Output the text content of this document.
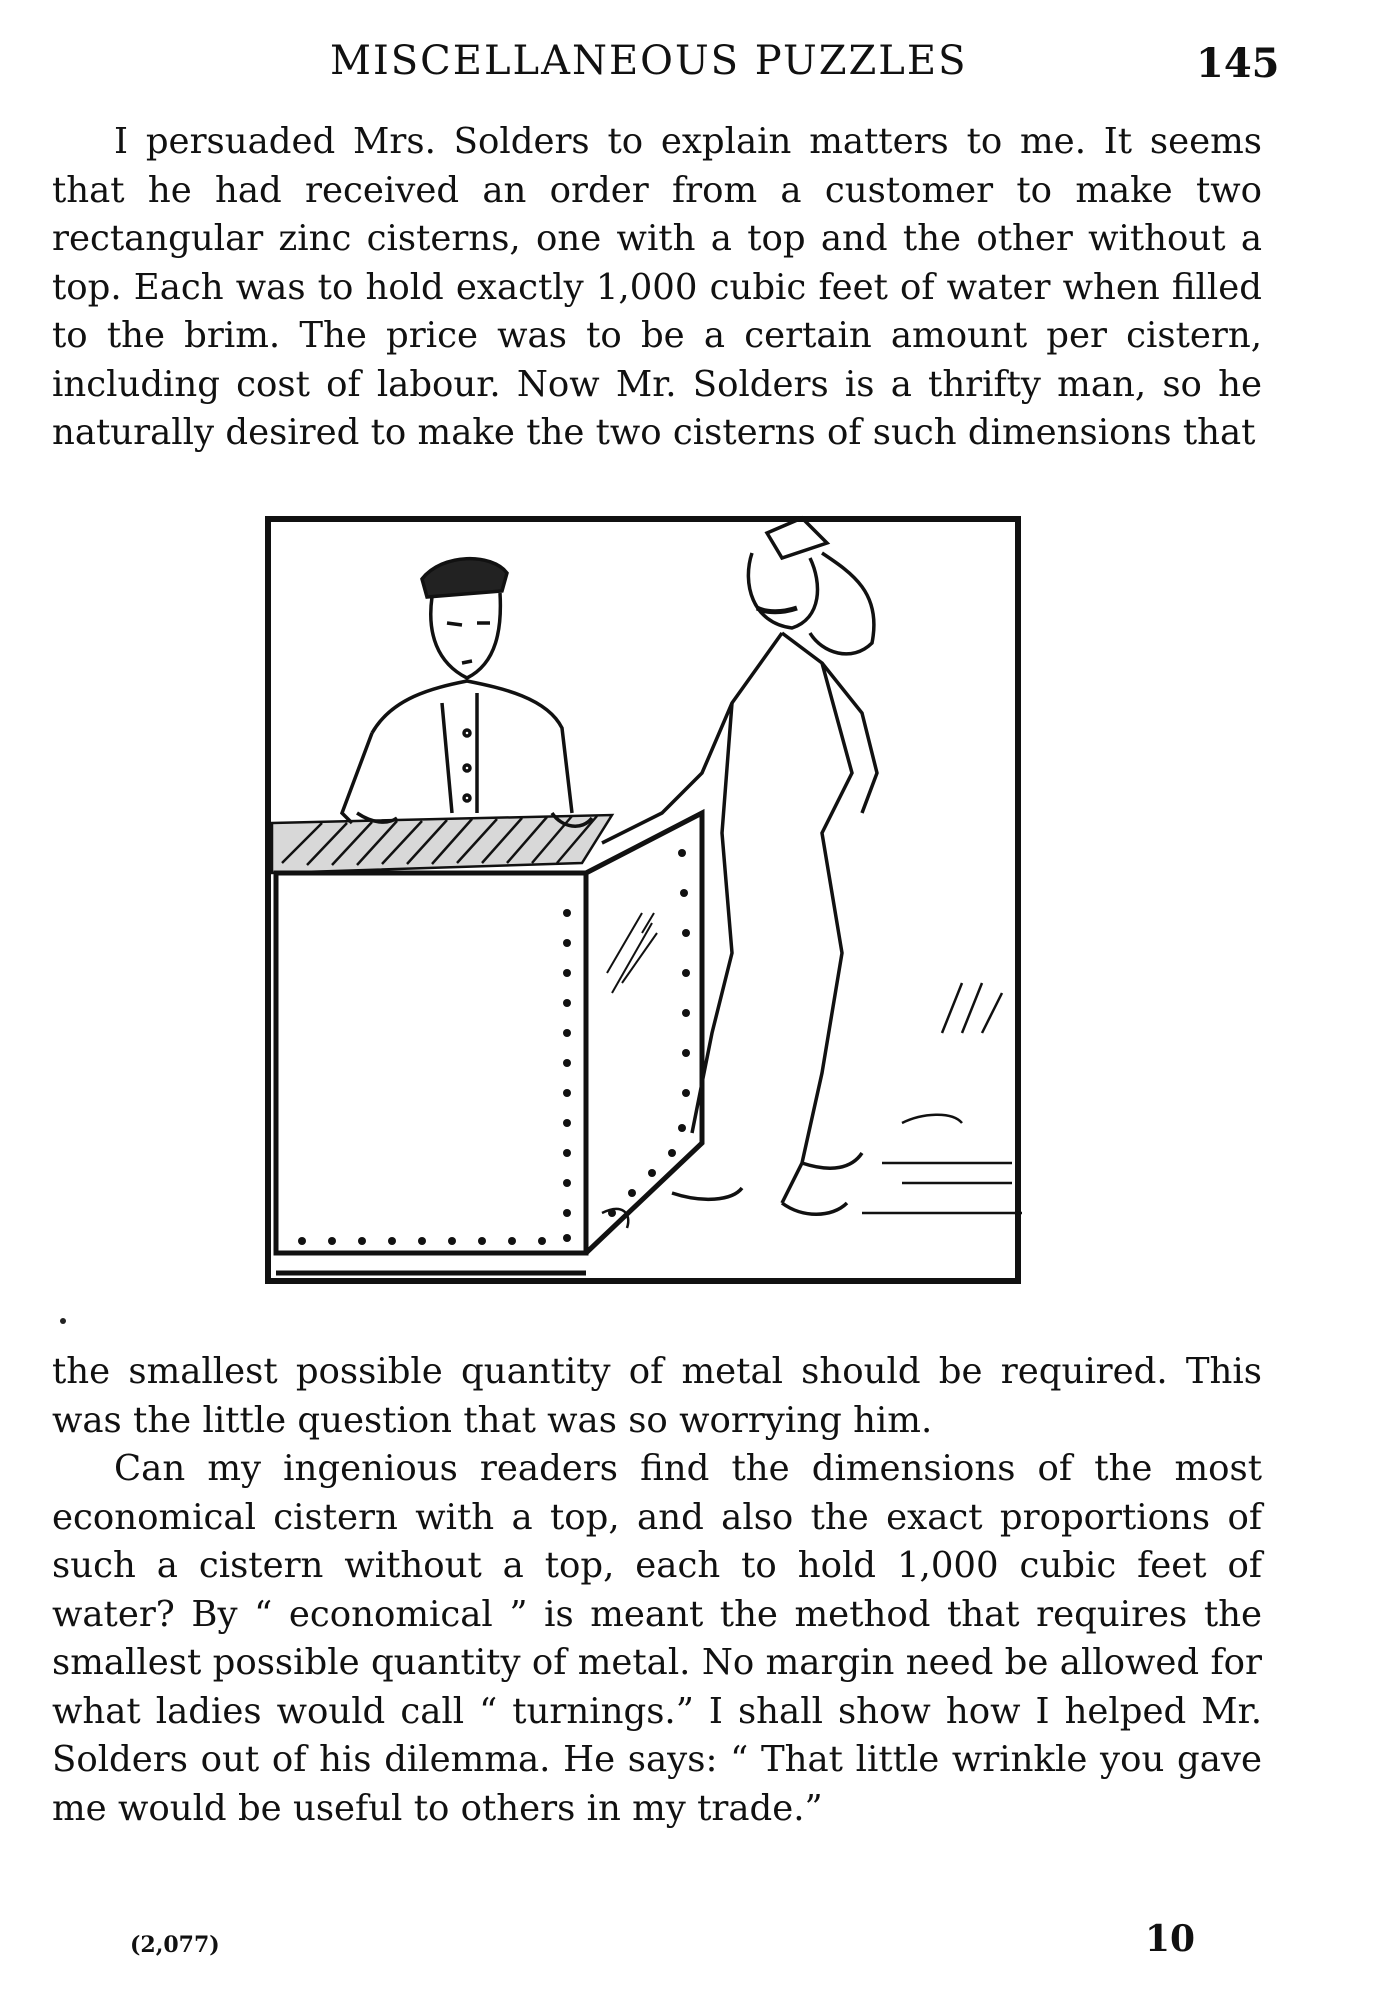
MISCELLANEOUS PUZZLES	145

I persuaded Mrs. Solders to explain matters to me. It seems that he had received an order from a customer to make two rectangular zinc cisterns, one with a top and the other without a top. Each was to hold exactly 1,000 cubic feet of water when filled to the brim. The price was to be a certain amount per cistern, including cost of labour. Now Mr. Solders is a thrifty man, so he naturally desired to make the two cisterns of such dimensions that

the smallest possible quantity of metal should be required. This was the little question that was so worrying him.

Can my ingenious readers find the dimensions of the most economical cistern with a top, and also the exact proportions of such a cistern without a top, each to hold 1,000 cubic feet of water? By “ economical ” is meant the method that requires the smallest possible quantity of metal. No margin need be allowed for what ladies would call “ turnings.” I shall show how I helped Mr. Solders out of his dilemma. He says: “ That little wrinkle you gave me would be useful to others in my trade.”

(2,077)	10
